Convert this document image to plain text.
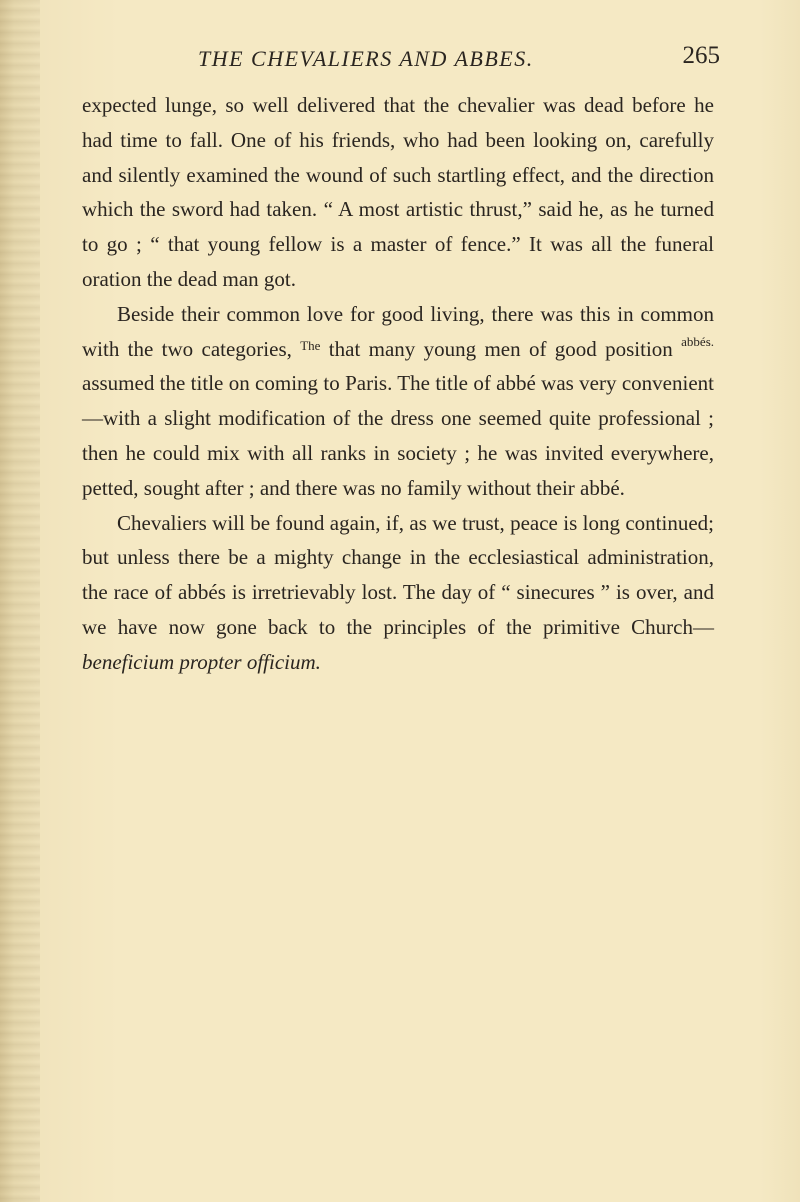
THE CHEVALIERS AND ABBES.	265

expected lunge, so well delivered that the chevalier was dead before he had time to fall. One of his friends, who had been looking on, carefully and silently examined the wound of such startling effect, and the direction which the sword had taken. “ A most artistic thrust,” said he, as he turned to go ; “ that young fellow is a master of fence.” It was all the funeral oration the dead man got.

Beside their common love for good living, there was this in common with the two categories, $^{The}$ that many young men of good position $^{abbés.}$ assumed the title on coming to Paris. The title of abbé was very convenient—with a slight modification of the dress one seemed quite professional ; then he could mix with all ranks in society ; he was invited everywhere, petted, sought after ; and there was no family without their abbé.

Chevaliers will be found again, if, as we trust, peace is long continued; but unless there be a mighty change in the ecclesiastical administration, the race of abbés is irretrievably lost. The day of “ sinecures ” is over, and we have now gone back to the principles of the primitive Church—beneficium propter officium.
